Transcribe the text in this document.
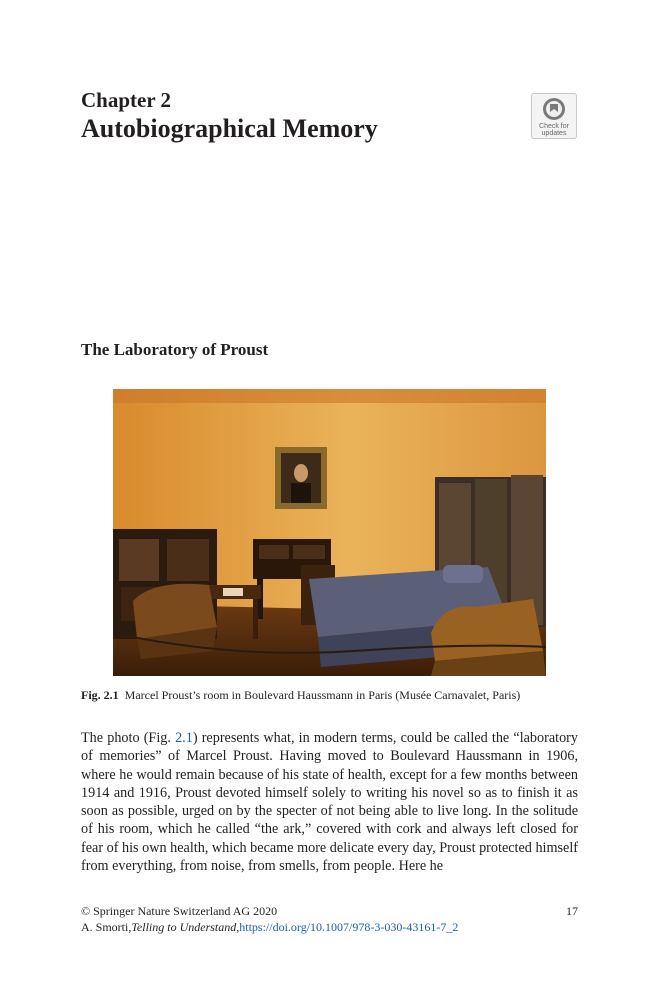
Chapter 2
Autobiographical Memory	Check for
updates
The Laboratory of Proust
Fig. 2.1 Marcel Proust’s room in Boulevard Haussmann in Paris (Musée Carnavalet, Paris)

The photo (Fig. 2.1) represents what, in modern terms, could be called the “laboratory of memories” of Marcel Proust. Having moved to Boulevard Haussmann in 1906, where he would remain because of his state of health, except for a few months between 1914 and 1916, Proust devoted himself solely to writing his novel so as to finish it as soon as possible, urged on by the specter of not being able to live long. In the solitude of his room, which he called “the ark,” covered with cork and always left closed for fear of his own health, which became more delicate every day, Proust protected himself from everything, from noise, from smells, from people. Here he

© Springer Nature Switzerland AG 2020	17
A. Smorti, Telling to Understand , https://doi.org/10.1007/978-3-030-43161-7_2
